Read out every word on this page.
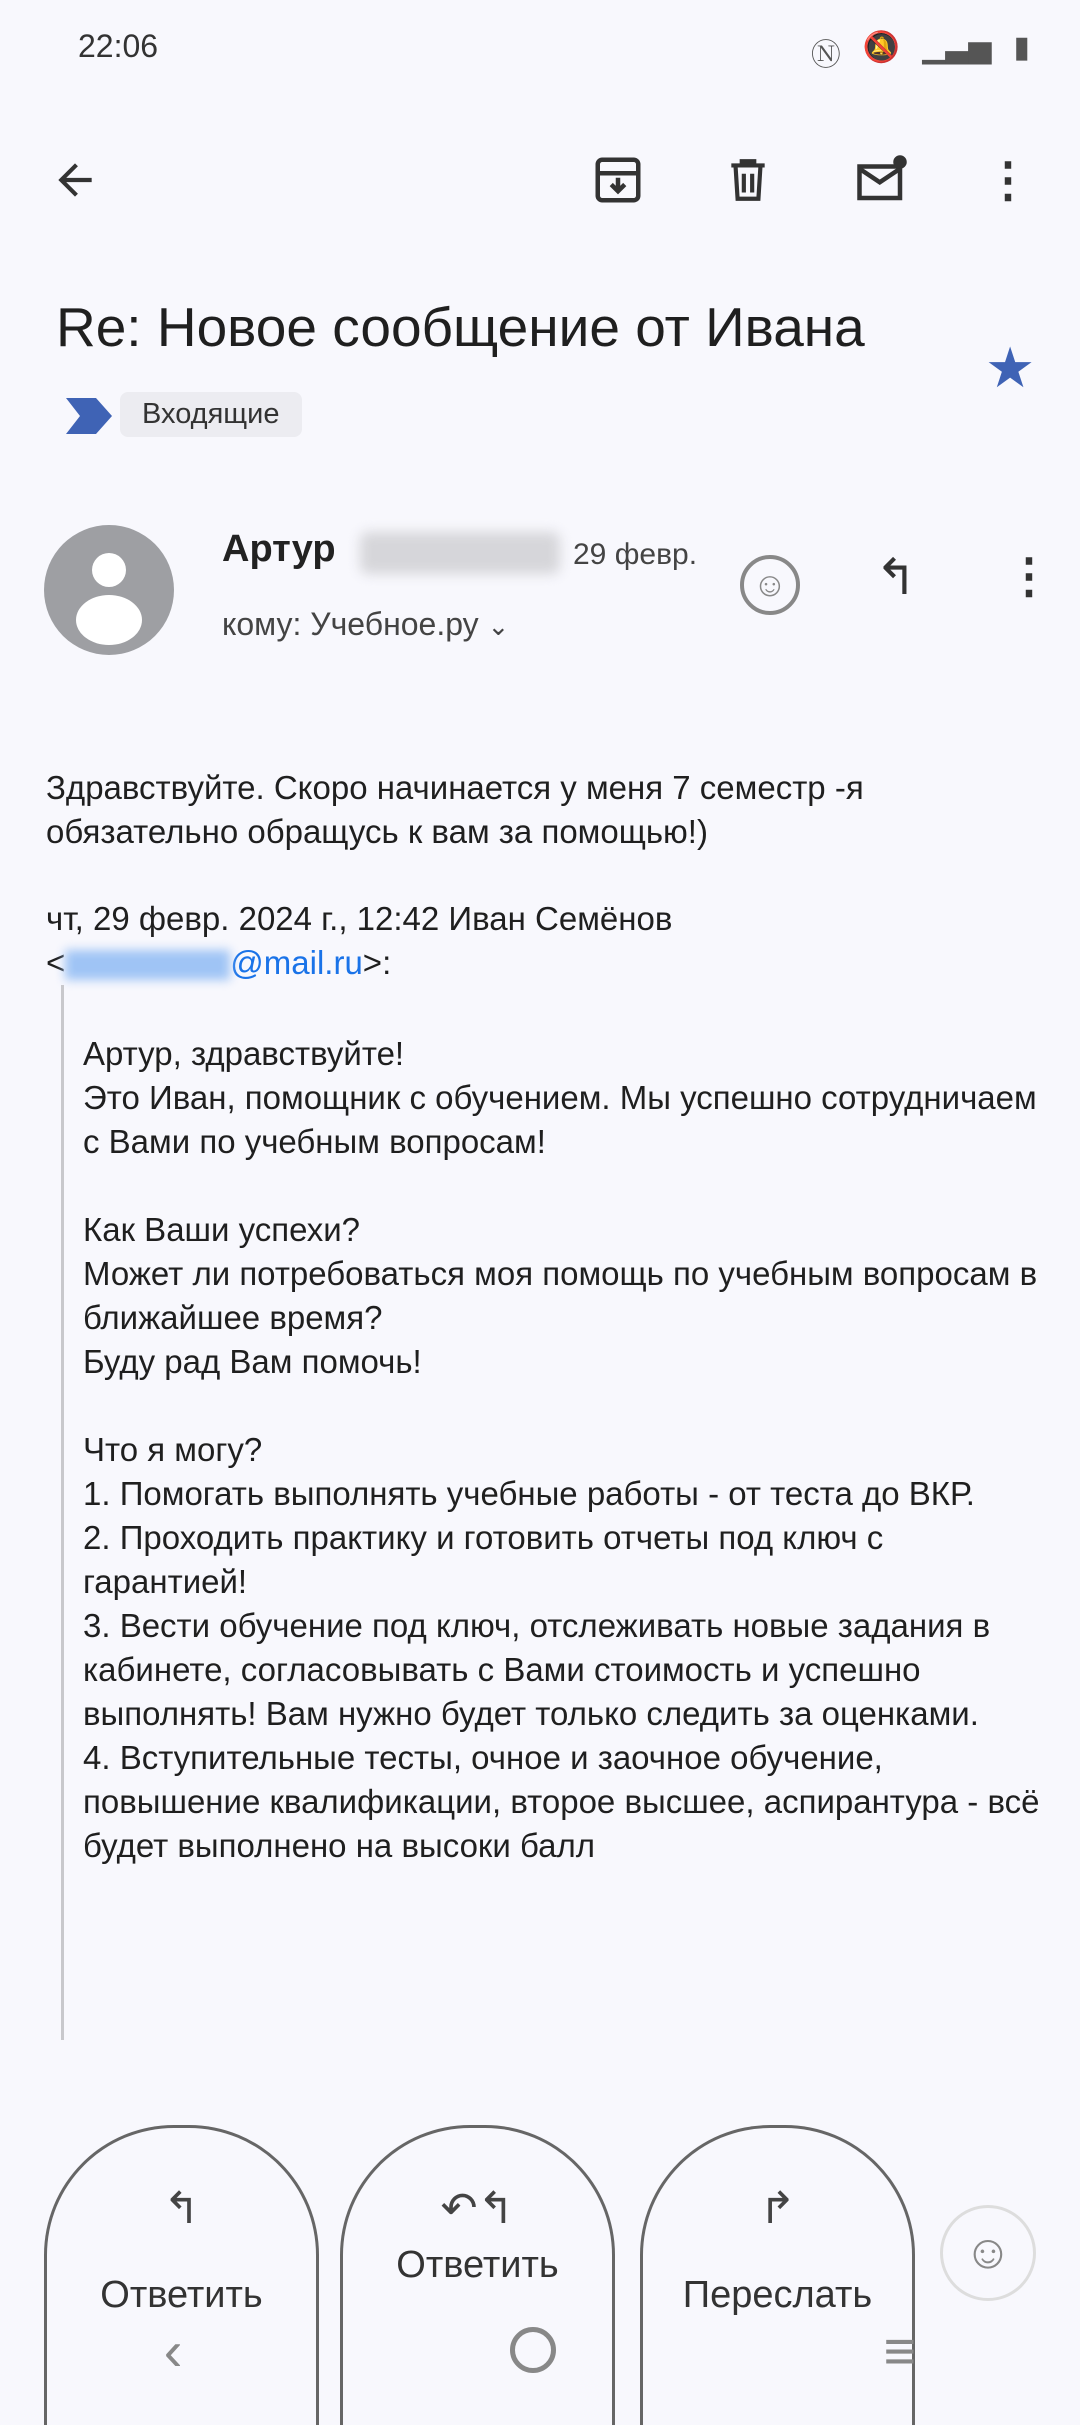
22:06	Ⓝ 🔕 ▁▃▅ ▮
⋮
Re: Новое сообщение от Ивана
★
Входящие
Артур	29 февр.
кому: Учебное.ру ⌄
☺ ↰ ⋮
Здравствуйте. Скоро начинается у меня 7 семестр -я обязательно обращусь к вам за помощью!)
чт, 29 февр. 2024 г., 12:42 Иван Семёнов
<	@mail.ru>:
Артур, здравствуйте!
Это Иван, помощник с обучением. Мы успешно сотрудничаем с Вами по учебным вопросам!

Как Ваши успехи?
Может ли потребоваться моя помощь по учебным вопросам в ближайшее время?
Буду рад Вам помочь!

Что я могу?
1. Помогать выполнять учебные работы - от теста до ВКР.
2. Проходить практику и готовить отчеты под ключ с гарантией!
3. Вести обучение под ключ, отслеживать новые задания в кабинете, согласовывать с Вами стоимость и успешно выполнять! Вам нужно будет только следить за оценками.
4. Вступительные тесты, очное и заочное обучение, повышение квалификации, второе высшее, аспирантура - всё будет выполнено на высоки балл
↰
Ответить
↶↰
Ответить
↱
Переслать
☺
‹	≡
